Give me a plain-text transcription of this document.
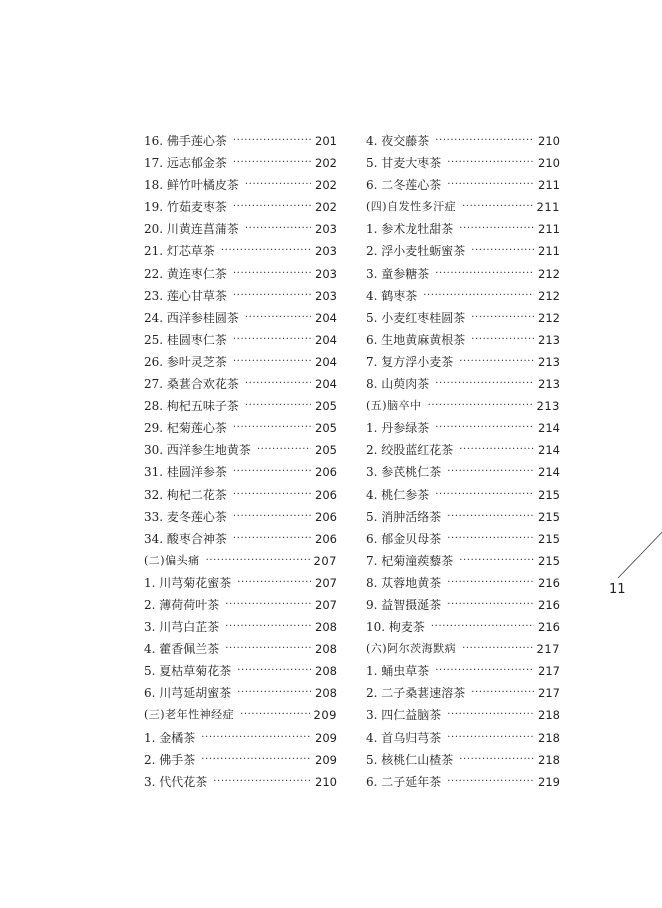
16. 佛手莲心茶 ·····	201
17. 远志郁金茶 ·····	202
18. 鲜竹叶橘皮茶 ·····	202
19. 竹茹麦枣茶 ·····	202
20. 川黄连菖蒲茶 ·····	203
21. 灯芯草茶 ·····	203
22. 黄连枣仁茶 ·····	203
23. 莲心甘草茶 ·····	203
24. 西洋参桂圆茶 ·····	204
25. 桂圆枣仁茶 ·····	204
26. 参叶灵芝茶 ·····	204
27. 桑葚合欢花茶 ·····	204
28. 枸杞五味子茶 ·····	205
29. 杞菊莲心茶 ·····	205
30. 西洋参生地黄茶 ·····	205
31. 桂圆洋参茶 ·····	206
32. 枸杞二花茶 ·····	206
33. 麦冬莲心茶 ·····	206
34. 酸枣合神茶 ·····	206
(二)偏头痛 ·····	207
1. 川芎菊花蜜茶 ·····	207
2. 薄荷荷叶茶 ·····	207
3. 川芎白芷茶 ·····	208
4. 藿香佩兰茶 ·····	208
5. 夏枯草菊花茶 ·····	208
6. 川芎延胡蜜茶 ·····	208
(三)老年性神经症 ·····	209
1. 金橘茶 ·····	209
2. 佛手茶 ·····	209
3. 代代花茶 ·····	210
4. 夜交藤茶 ·····	210
5. 甘麦大枣茶 ·····	210
6. 二冬莲心茶 ·····	211
(四)自发性多汗症 ·····	211
1. 参术龙牡甜茶 ·····	211
2. 浮小麦牡蛎蜜茶 ·····	211
3. 童参糖茶 ·····	212
4. 鹤枣茶 ·····	212
5. 小麦红枣桂圆茶 ·····	212
6. 生地黄麻黄根茶 ·····	213
7. 复方浮小麦茶 ·····	213
8. 山萸肉茶 ·····	213
(五)脑卒中 ·····	213
1. 丹参绿茶 ·····	214
2. 绞股蓝红花茶 ·····	214
3. 参芪桃仁茶 ·····	214
4. 桃仁参茶 ·····	215
5. 消肿活络茶 ·····	215
6. 郁金贝母茶 ·····	215
7. 杞菊潼蒺藜茶 ·····	215
8. 苁蓉地黄茶 ·····	216
9. 益智摄涎茶 ·····	216
10. 枸麦茶 ·····	216
(六)阿尔茨海默病 ·····	217
1. 蛹虫草茶 ·····	217
2. 二子桑葚速溶茶 ·····	217
3. 四仁益脑茶 ·····	218
4. 首乌归芎茶 ·····	218
5. 核桃仁山楂茶 ·····	218
6. 二子延年茶 ·····	219
11
